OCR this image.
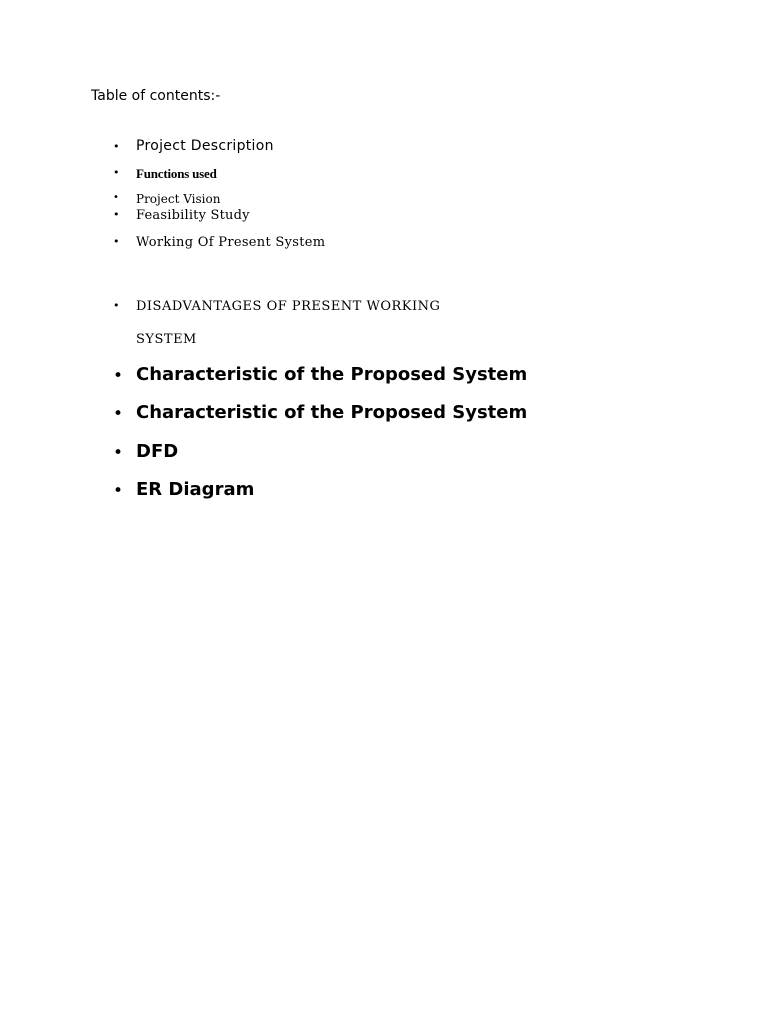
Table of contents:-
• Project Description
• Functions used
• Project Vision
• Feasibility Study
• Working Of Present System
• DISADVANTAGES OF PRESENT WORKING
SYSTEM
• Characteristic of the Proposed System
• Characteristic of the Proposed System
• DFD
• ER Diagram
